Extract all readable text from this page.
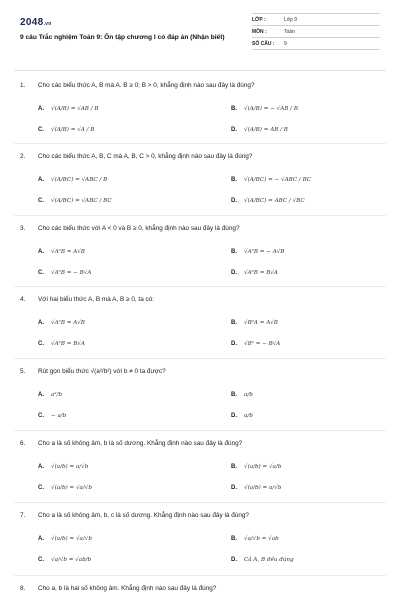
2048.vn
9 câu Trắc nghiệm Toán 9: Ôn tập chương I có đáp án (Nhận biết)
LỚP :	Lớp 9
MÔN :	Toán
SỐ CÂU :	9
1.	Cho các biểu thức A, B mà A. B ≥ 0; B > 0, khẳng định nào sau đây là đúng?
A.	√(A/B) = √AB / B	B.	√(A/B) = − √AB / B
C.	√(A/B) = √A / B	D.	√(A/B) = AB / B
2.	Cho các biểu thức A, B, C mà A, B, C > 0, khẳng định nào sau đây là đúng?
A.	√(A/BC) = √ABC / B	B.	√(A/BC) = − √ABC / BC
C.	√(A/BC) = √ABC / BC	D.	√(A/BC) = ABC / √BC
3.	Cho các biểu thức với A < 0 và B ≥ 0, khẳng định nào sau đây là đúng?
A.	√A²B = A√B	B.	√A²B = − A√B
C.	√A²B = − B√A	D.	√A²B = B√A
4.	Với hai biểu thức A, B mà A, B ≥ 0, ta có:
A.	√A²B = A√B	B.	√B²A = A√B
C.	√A²B = B√A	D.	√B² = − B√A
5.	Rút gọn biểu thức √(a²/b²) với b ≠ 0 ta được?
A.	a²/b	B.	a/b
C.	− a/b	D.	a/b
6.	Cho a là số không âm, b là số dương. Khẳng định nào sau đây là đúng?
A.	√(a/b) = a/√b	B.	√(a/b) = √a/b
C.	√(a/b) = √a/√b	D.	√(a/b) = a/√b
7.	Cho a là số không âm, b, c là số dương. Khẳng định nào sau đây là đúng?
A.	√(a/b) = √a/√b	B.	√a/√b = √ab
C.	√a/√b = √ab/b	D.	Cả A, B đều đúng
8.	Cho a, b là hai số không âm. Khẳng định nào sau đây là đúng?
